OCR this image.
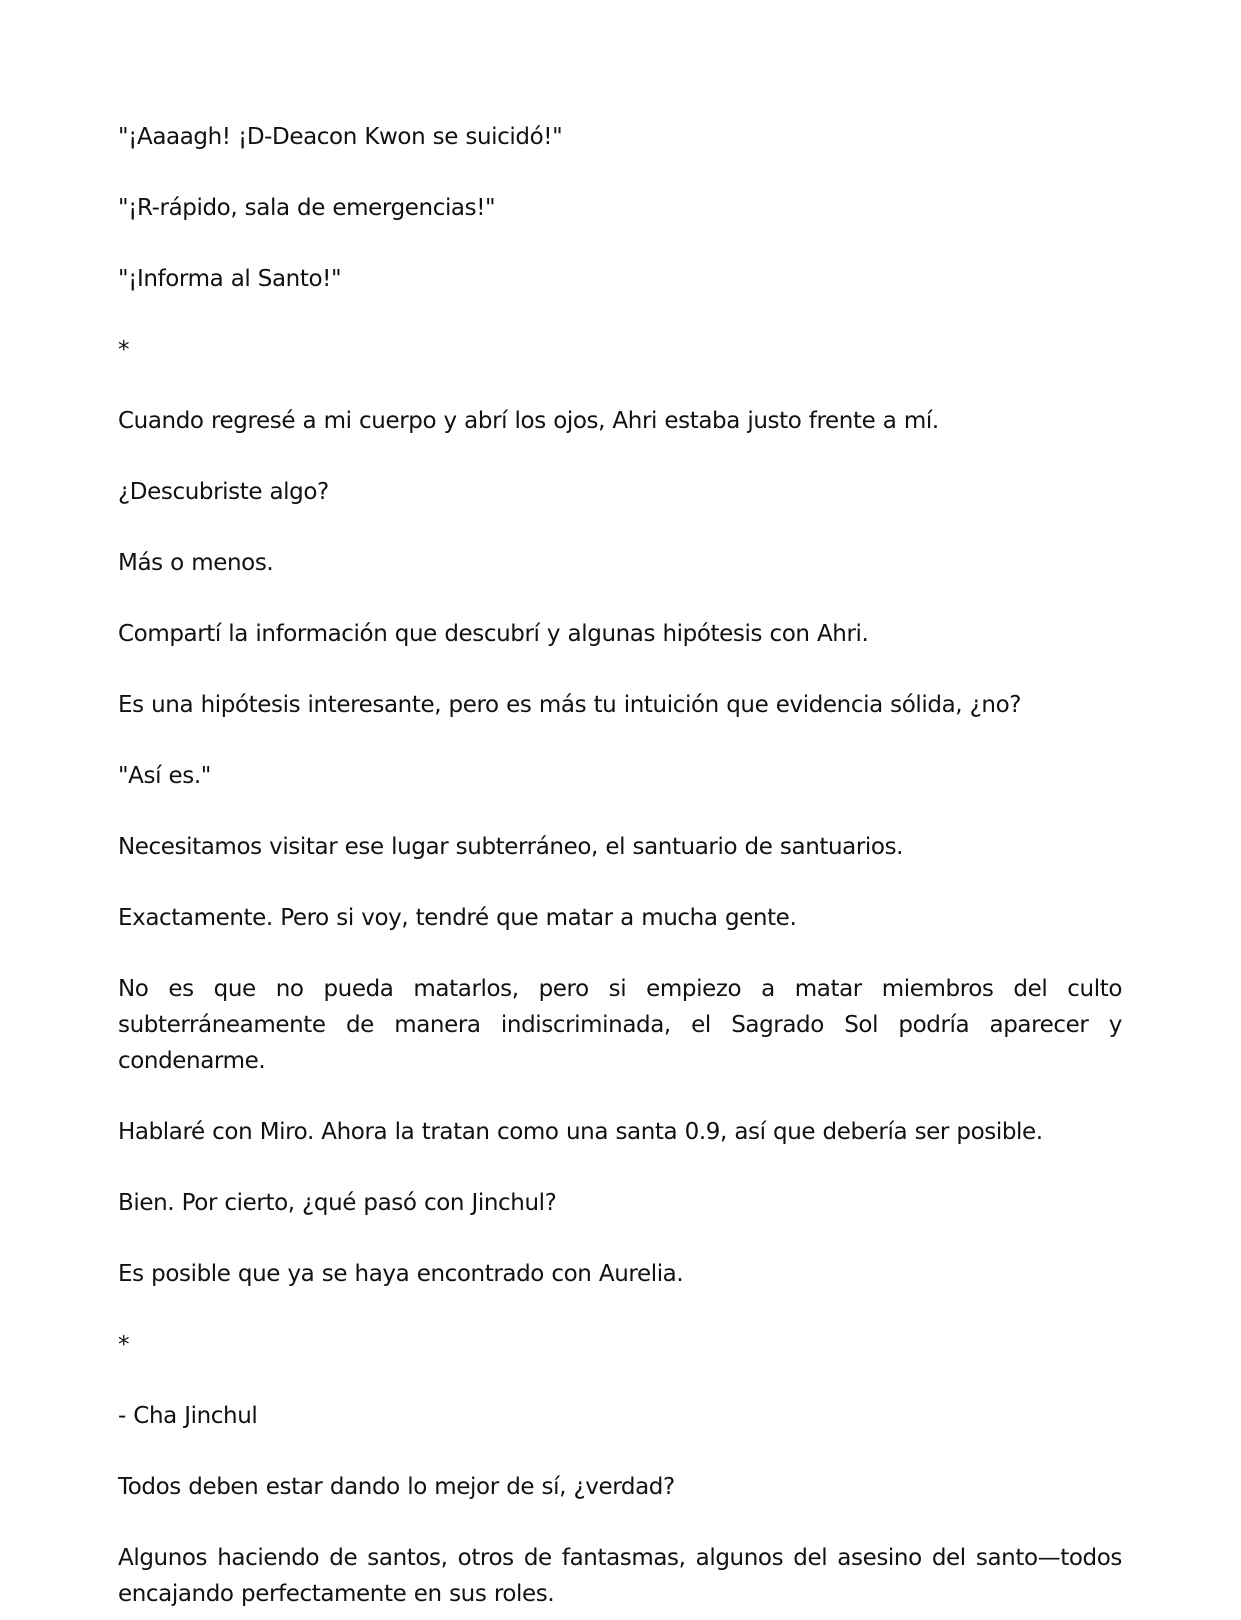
"¡Aaaagh! ¡D-Deacon Kwon se suicidó!"

"¡R-rápido, sala de emergencias!"

"¡Informa al Santo!"

*

Cuando regresé a mi cuerpo y abrí los ojos, Ahri estaba justo frente a mí.

¿Descubriste algo?

Más o menos.

Compartí la información que descubrí y algunas hipótesis con Ahri.

Es una hipótesis interesante, pero es más tu intuición que evidencia sólida, ¿no?

"Así es."

Necesitamos visitar ese lugar subterráneo, el santuario de santuarios.

Exactamente. Pero si voy, tendré que matar a mucha gente.

No es que no pueda matarlos, pero si empiezo a matar miembros del culto subterráneamente de manera indiscriminada, el Sagrado Sol podría aparecer y condenarme.

Hablaré con Miro. Ahora la tratan como una santa 0.9, así que debería ser posible.

Bien. Por cierto, ¿qué pasó con Jinchul?

Es posible que ya se haya encontrado con Aurelia.

*

- Cha Jinchul

Todos deben estar dando lo mejor de sí, ¿verdad?

Algunos haciendo de santos, otros de fantasmas, algunos del asesino del santo—todos encajando perfectamente en sus roles.
